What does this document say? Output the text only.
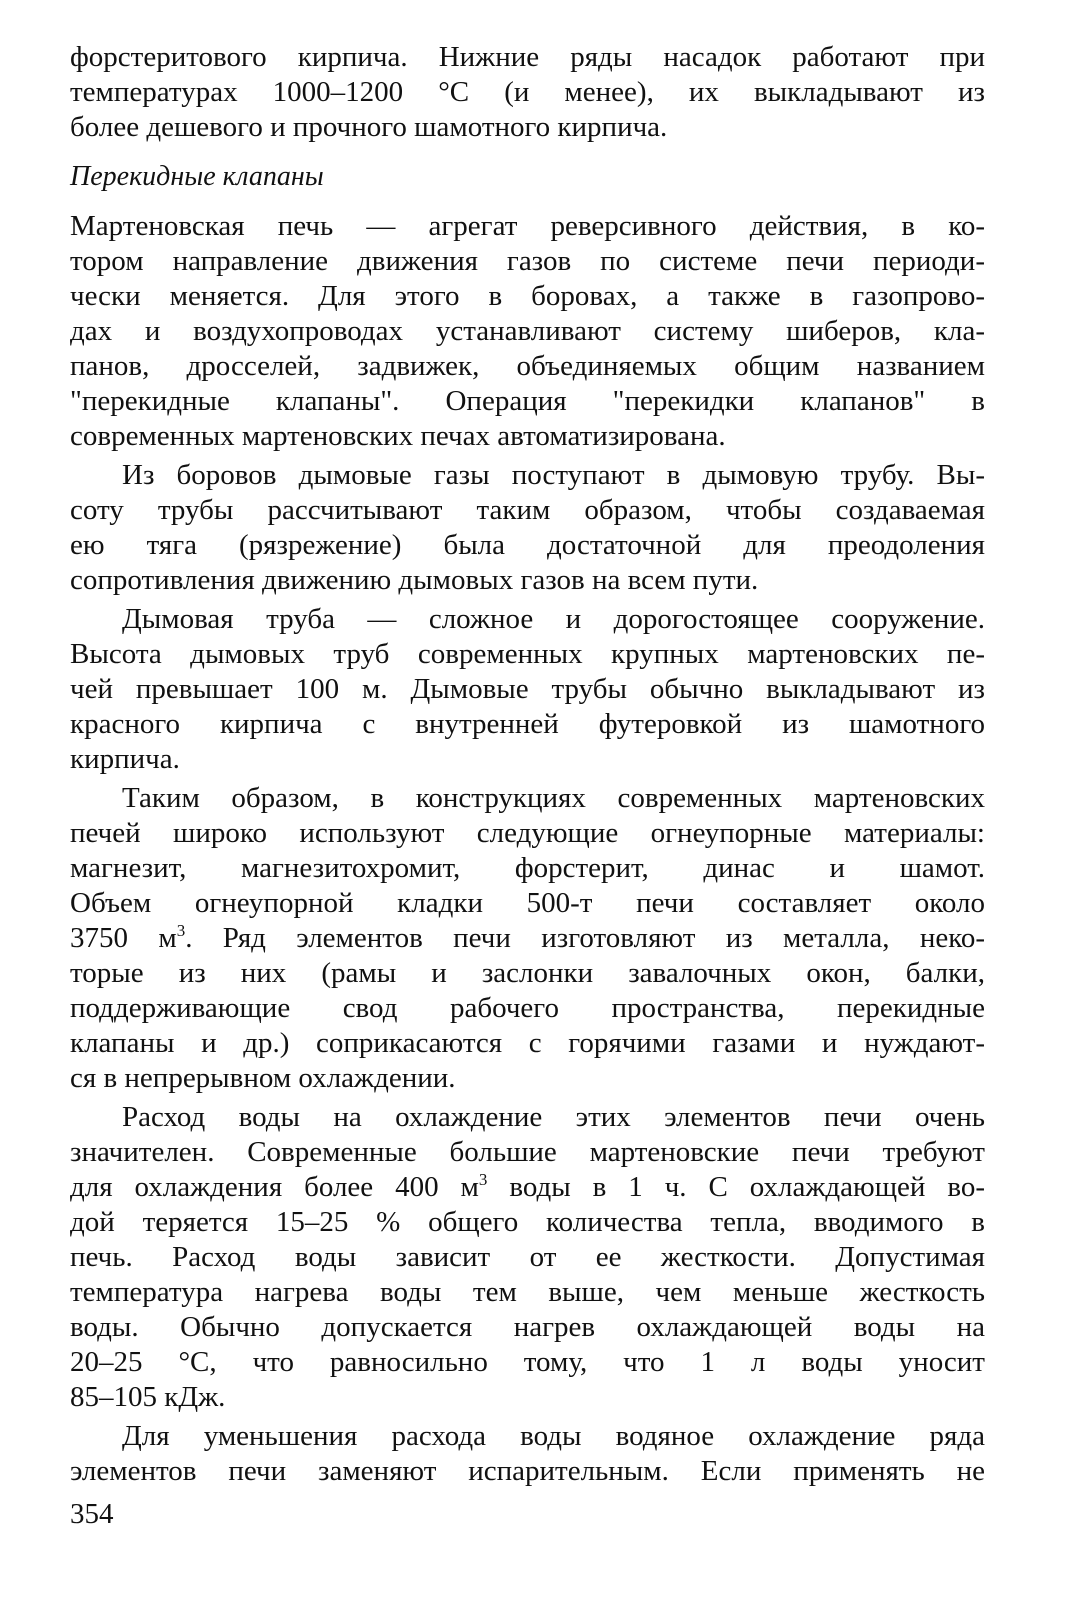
форстеритового кирпича. Нижние ряды насадок работают при
температурах 1000–1200 °С (и менее), их выкладывают из
более дешевого и прочного шамотного кирпича.
Перекидные клапаны
Мартеновская печь — агрегат реверсивного действия, в ко-
тором направление движения газов по системе печи периоди-
чески меняется. Для этого в боровах, а также в газопрово-
дах и воздухопроводах устанавливают систему шиберов, кла-
панов, дросселей, задвижек, объединяемых общим названием
"перекидные клапаны". Операция "перекидки клапанов" в
современных мартеновских печах автоматизирована.
Из боровов дымовые газы поступают в дымовую трубу. Вы-
соту трубы рассчитывают таким образом, чтобы создаваемая
ею тяга (рязрежение) была достаточной для преодоления
сопротивления движению дымовых газов на всем пути.
Дымовая труба — сложное и дорогостоящее сооружение.
Высота дымовых труб современных крупных мартеновских пе-
чей превышает 100 м. Дымовые трубы обычно выкладывают из
красного кирпича с внутренней футеровкой из шамотного
кирпича.
Таким образом, в конструкциях современных мартеновских
печей широко используют следующие огнеупорные материалы:
магнезит, магнезитохромит, форстерит, динас и шамот.
Объем огнеупорной кладки 500-т печи составляет около
3750 $м^3$. Ряд элементов печи изготовляют из металла, неко-
торые из них (рамы и заслонки завалочных окон, балки,
поддерживающие свод рабочего пространства, перекидные
клапаны и др.) соприкасаются с горячими газами и нуждают-
ся в непрерывном охлаждении.
Расход воды на охлаждение этих элементов печи очень
значителен. Современные большие мартеновские печи требуют
для охлаждения более 400 $м^3$ воды в 1 ч. С охлаждающей во-
дой теряется 15–25 % общего количества тепла, вводимого в
печь. Расход воды зависит от ее жесткости. Допустимая
температура нагрева воды тем выше, чем меньше жесткость
воды. Обычно допускается нагрев охлаждающей воды на
20–25 °С, что равносильно тому, что 1 л воды уносит
85–105 кДж.
Для уменьшения расхода воды водяное охлаждение ряда
элементов печи заменяют испарительным. Если применять не
354
